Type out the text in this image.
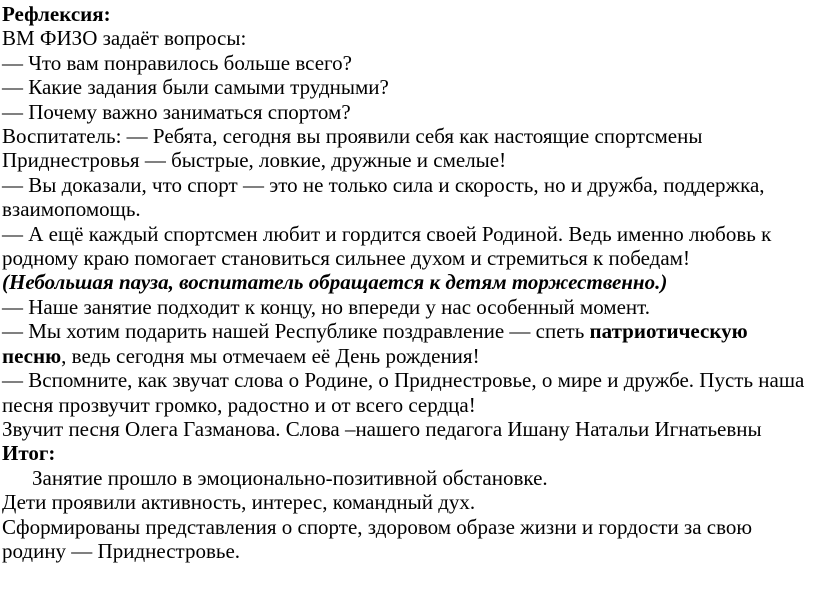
Рефлексия:
ВМ ФИЗО задаёт вопросы:
— Что вам понравилось больше всего?
— Какие задания были самыми трудными?
— Почему важно заниматься спортом?
Воспитатель: — Ребята, сегодня вы проявили себя как настоящие спортсмены
Приднестровья — быстрые, ловкие, дружные и смелые!
— Вы доказали, что спорт — это не только сила и скорость, но и дружба, поддержка,
взаимопомощь.
— А ещё каждый спортсмен любит и гордится своей Родиной. Ведь именно любовь к
родному краю помогает становиться сильнее духом и стремиться к победам!
(Небольшая пауза, воспитатель обращается к детям торжественно.)
— Наше занятие подходит к концу, но впереди у нас особенный момент.
— Мы хотим подарить нашей Республике поздравление — спеть патриотическую
песню, ведь сегодня мы отмечаем её День рождения!
— Вспомните, как звучат слова о Родине, о Приднестровье, о мире и дружбе. Пусть наша
песня прозвучит громко, радостно и от всего сердца!
Звучит песня Олега Газманова. Слова –нашего педагога Ишану Натальи Игнатьевны
Итог:
Занятие прошло в эмоционально-позитивной обстановке.
Дети проявили активность, интерес, командный дух.
Сформированы представления о спорте, здоровом образе жизни и гордости за свою
родину — Приднестровье.
